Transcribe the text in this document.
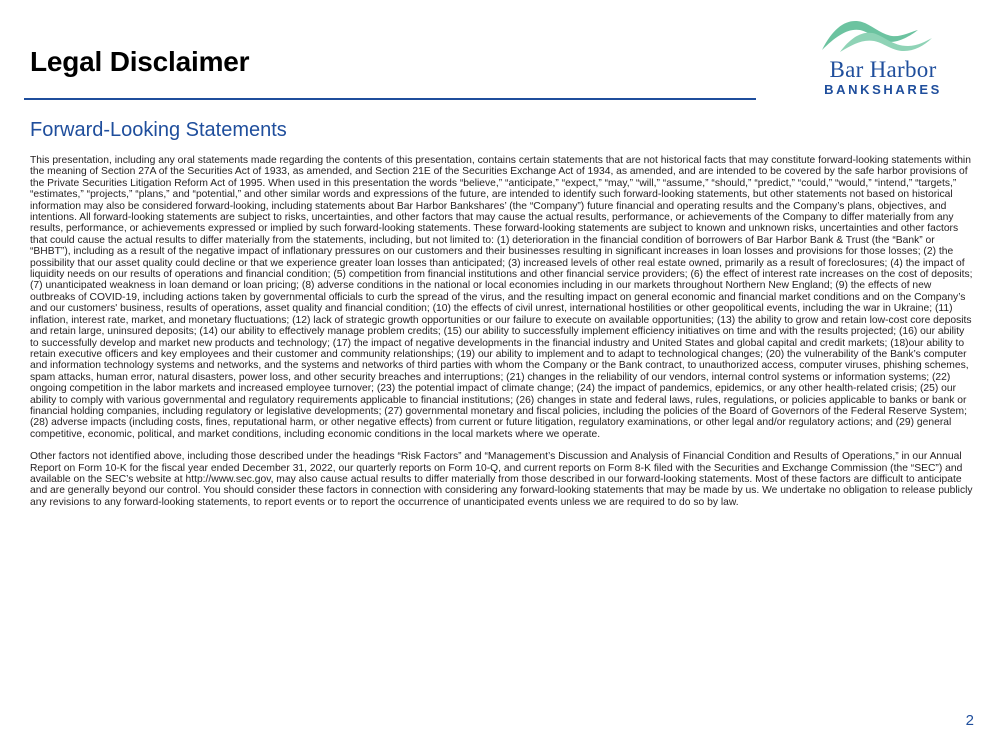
Legal Disclaimer	Bar Harbor
BANKSHARES
Forward-Looking Statements

This presentation, including any oral statements made regarding the contents of this presentation, contains certain statements that are not historical facts that may constitute forward-looking statements within the meaning of Section 27A of the Securities Act of 1933, as amended, and Section 21E of the Securities Exchange Act of 1934, as amended, and are intended to be covered by the safe harbor provisions of the Private Securities Litigation Reform Act of 1995. When used in this presentation the words “believe,” “anticipate,” “expect,” “may,” “will,” “assume,” “should,” “predict,” “could,” “would,” “intend,” “targets,” “estimates,” “projects,” “plans,” and “potential,” and other similar words and expressions of the future, are intended to identify such forward-looking statements, but other statements not based on historical information may also be considered forward-looking, including statements about Bar Harbor Bankshares’ (the “Company”) future financial and operating results and the Company’s plans, objectives, and intentions. All forward-looking statements are subject to risks, uncertainties, and other factors that may cause the actual results, performance, or achievements of the Company to differ materially from any results, performance, or achievements expressed or implied by such forward-looking statements. These forward-looking statements are subject to known and unknown risks, uncertainties and other factors that could cause the actual results to differ materially from the statements, including, but not limited to: (1) deterioration in the financial condition of borrowers of Bar Harbor Bank & Trust (the “Bank” or “BHBT”), including as a result of the negative impact of inflationary pressures on our customers and their businesses resulting in significant increases in loan losses and provisions for those losses; (2) the possibility that our asset quality could decline or that we experience greater loan losses than anticipated; (3) increased levels of other real estate owned, primarily as a result of foreclosures; (4) the impact of liquidity needs on our results of operations and financial condition; (5) competition from financial institutions and other financial service providers; (6) the effect of interest rate increases on the cost of deposits; (7) unanticipated weakness in loan demand or loan pricing; (8) adverse conditions in the national or local economies including in our markets throughout Northern New England; (9) the effects of new outbreaks of COVID-19, including actions taken by governmental officials to curb the spread of the virus, and the resulting impact on general economic and financial market conditions and on the Company’s and our customers' business, results of operations, asset quality and financial condition; (10) the effects of civil unrest, international hostilities or other geopolitical events, including the war in Ukraine; (11) inflation, interest rate, market, and monetary fluctuations; (12) lack of strategic growth opportunities or our failure to execute on available opportunities; (13) the ability to grow and retain low-cost core deposits and retain large, uninsured deposits; (14) our ability to effectively manage problem credits; (15) our ability to successfully implement efficiency initiatives on time and with the results projected; (16) our ability to successfully develop and market new products and technology; (17) the impact of negative developments in the financial industry and United States and global capital and credit markets; (18)our ability to retain executive officers and key employees and their customer and community relationships; (19) our ability to implement and to adapt to technological changes; (20) the vulnerability of the Bank’s computer and information technology systems and networks, and the systems and networks of third parties with whom the Company or the Bank contract, to unauthorized access, computer viruses, phishing schemes, spam attacks, human error, natural disasters, power loss, and other security breaches and interruptions; (21) changes in the reliability of our vendors, internal control systems or information systems; (22) ongoing competition in the labor markets and increased employee turnover; (23) the potential impact of climate change; (24) the impact of pandemics, epidemics, or any other health-related crisis; (25) our ability to comply with various governmental and regulatory requirements applicable to financial institutions; (26) changes in state and federal laws, rules, regulations, or policies applicable to banks or bank or financial holding companies, including regulatory or legislative developments; (27) governmental monetary and fiscal policies, including the policies of the Board of Governors of the Federal Reserve System; (28) adverse impacts (including costs, fines, reputational harm, or other negative effects) from current or future litigation, regulatory examinations, or other legal and/or regulatory actions; and (29) general competitive, economic, political, and market conditions, including economic conditions in the local markets where we operate.

Other factors not identified above, including those described under the headings “Risk Factors” and “Management’s Discussion and Analysis of Financial Condition and Results of Operations,” in our Annual Report on Form 10-K for the fiscal year ended December 31, 2022, our quarterly reports on Form 10-Q, and current reports on Form 8-K filed with the Securities and Exchange Commission (the “SEC”) and available on the SEC’s website at http://www.sec.gov, may also cause actual results to differ materially from those described in our forward-looking statements. Most of these factors are difficult to anticipate and are generally beyond our control. You should consider these factors in connection with considering any forward-looking statements that may be made by us. We undertake no obligation to release publicly any revisions to any forward-looking statements, to report events or to report the occurrence of unanticipated events unless we are required to do so by law.

2
